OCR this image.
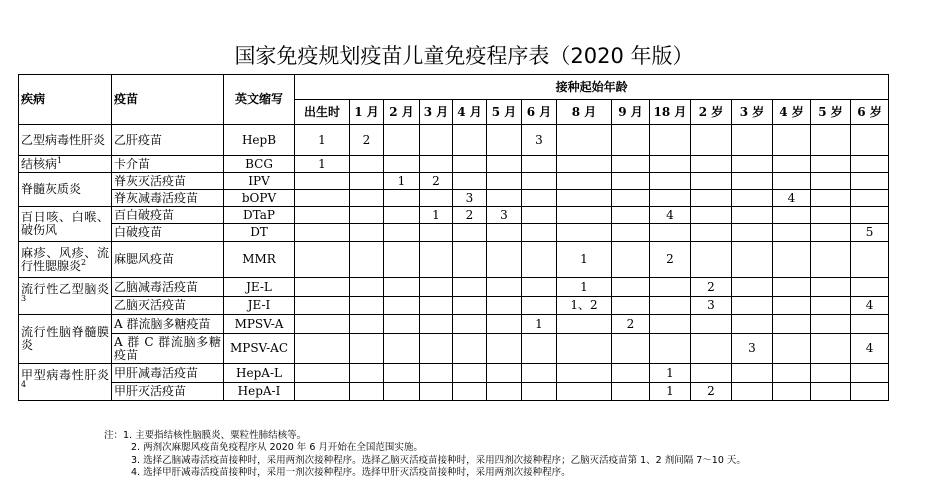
国家免疫规划疫苗儿童免疫程序表（2020 年版）
疾病	疫苗	英文缩写	接种起始年龄														
			出生时	1 月	2 月	3 月	4 月	5 月	6 月	8 月	9 月	18 月	2 岁	3 岁	4 岁	5 岁	6 岁
乙型病毒性肝炎	乙肝疫苗	HepB	1	2					3								
结核病$^1$	卡介苗	BCG	1														
脊髓灰质炎	脊灰灭活疫苗	IPV			1	2											
	脊灰减毒活疫苗	bOPV					3								4		
百日咳、白喉、破伤风	百白破疫苗	DTaP				1	2	3				4					
	白破疫苗	DT															5
麻疹、风疹、流行性腮腺炎$^2$	麻腮风疫苗	MMR								1		2					
流行性乙型脑炎$^3$	乙脑减毒活疫苗	JE-L								1			2				
	乙脑灭活疫苗	JE-I								1、2			3				4
流行性脑脊髓膜炎	A 群流脑多糖疫苗	MPSV-A							1		2						
	A 群 C 群流脑多糖疫苗	MPSV-AC												3			4
甲型病毒性肝炎$^4$	甲肝减毒活疫苗	HepA-L										1					
	甲肝灭活疫苗	HepA-I										1	2				
注：1. 主要指结核性脑膜炎、粟粒性肺结核等。
2. 两剂次麻腮风疫苗免疫程序从 2020 年 6 月开始在全国范围实施。
3. 选择乙脑减毒活疫苗接种时，采用两剂次接种程序。选择乙脑灭活疫苗接种时，采用四剂次接种程序；乙脑灭活疫苗第 1、2 剂间隔 7～10 天。
4. 选择甲肝减毒活疫苗接种时，采用一剂次接种程序。选择甲肝灭活疫苗接种时，采用两剂次接种程序。
